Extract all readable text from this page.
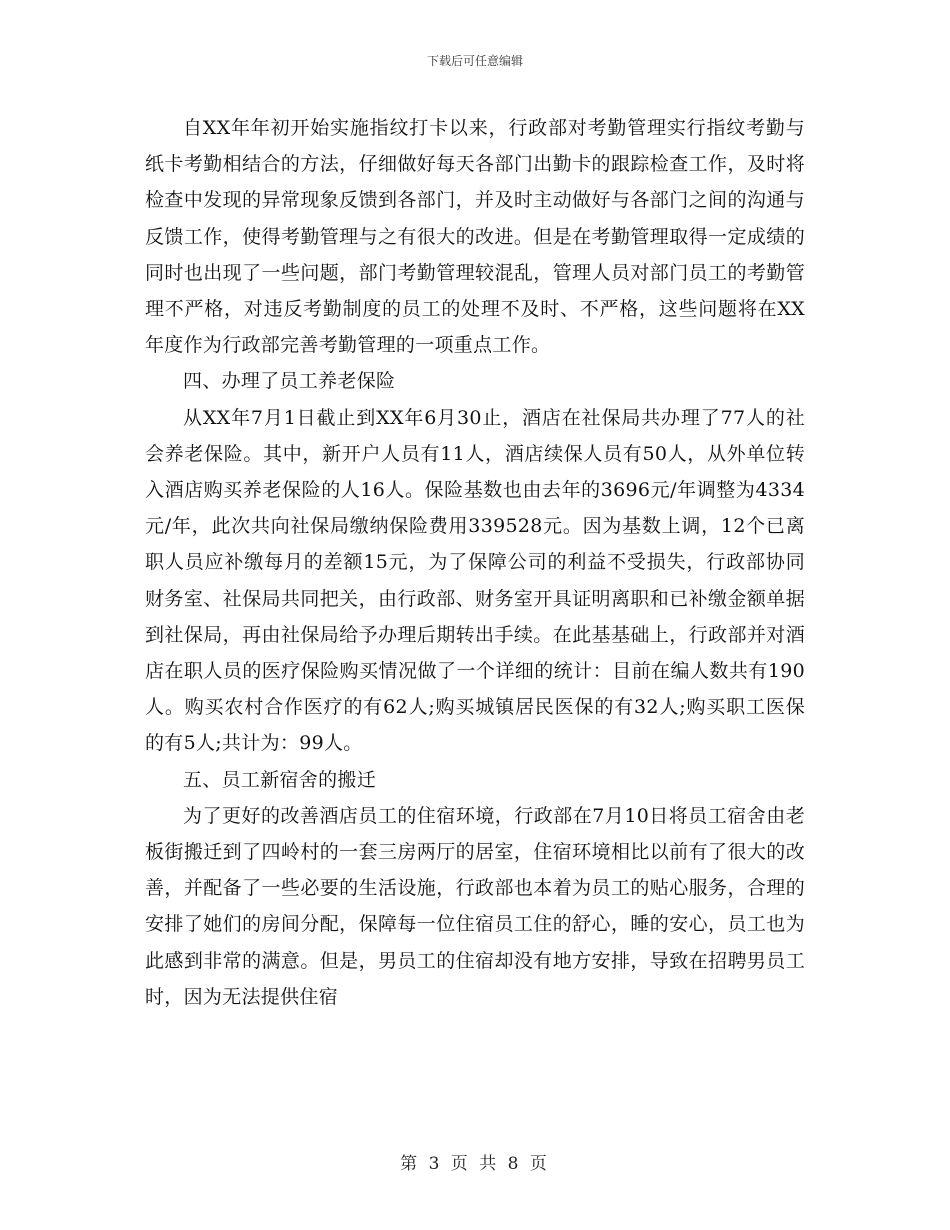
下载后可任意编辑

自XX年年初开始实施指纹打卡以来，行政部对考勤管理实行指纹考勤与纸卡考勤相结合的方法，仔细做好每天各部门出勤卡的跟踪检查工作，及时将检查中发现的异常现象反馈到各部门，并及时主动做好与各部门之间的沟通与反馈工作，使得考勤管理与之有很大的改进。但是在考勤管理取得一定成绩的同时也出现了一些问题，部门考勤管理较混乱，管理人员对部门员工的考勤管理不严格，对违反考勤制度的员工的处理不及时、不严格，这些问题将在XX年度作为行政部完善考勤管理的一项重点工作。

四、办理了员工养老保险

从XX年7月1日截止到XX年6月30止，酒店在社保局共办理了77人的社会养老保险。其中，新开户人员有11人，酒店续保人员有50人，从外单位转入酒店购买养老保险的人16人。保险基数也由去年的3696元/年调整为4334元/年，此次共向社保局缴纳保险费用339528元。因为基数上调，12个已离职人员应补缴每月的差额15元，为了保障公司的利益不受损失，行政部协同财务室、社保局共同把关，由行政部、财务室开具证明离职和已补缴金额单据到社保局，再由社保局给予办理后期转出手续。在此基基础上，行政部并对酒店在职人员的医疗保险购买情况做了一个详细的统计：目前在编人数共有190人。购买农村合作医疗的有62人;购买城镇居民医保的有32人;购买职工医保的有5人;共计为：99人。

五、员工新宿舍的搬迁

为了更好的改善酒店员工的住宿环境，行政部在7月10日将员工宿舍由老板街搬迁到了四岭村的一套三房两厅的居室，住宿环境相比以前有了很大的改善，并配备了一些必要的生活设施，行政部也本着为员工的贴心服务，合理的安排了她们的房间分配，保障每一位住宿员工住的舒心，睡的安心，员工也为此感到非常的满意。但是，男员工的住宿却没有地方安排，导致在招聘男员工时，因为无法提供住宿

第 3 页 共 8 页
